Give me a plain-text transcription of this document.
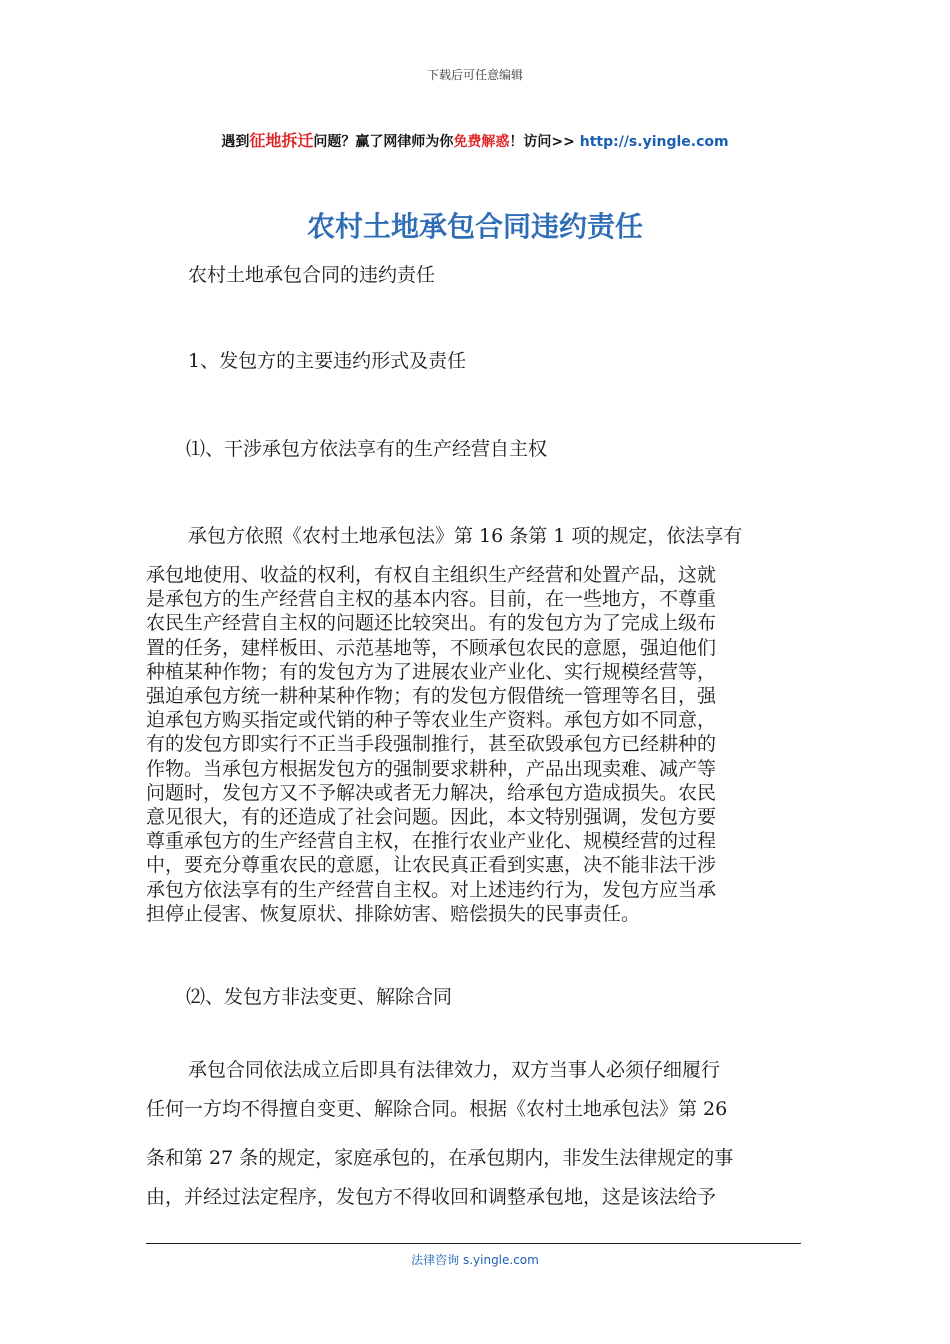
下载后可任意编辑
遇到征地拆迁问题？赢了网律师为你免费解惑！访问>> http://s.yingle.com
农村土地承包合同违约责任
农村土地承包合同的违约责任
1、发包方的主要违约形式及责任
⑴、干涉承包方依法享有的生产经营自主权
承包方依照《农村土地承包法》第 16 条第 1 项的规定，依法享有
承包地使用、收益的权利，有权自主组织生产经营和处置产品，这就
是承包方的生产经营自主权的基本内容。目前，在一些地方，不尊重
农民生产经营自主权的问题还比较突出。有的发包方为了完成上级布
置的任务，建样板田、示范基地等，不顾承包农民的意愿，强迫他们
种植某种作物；有的发包方为了进展农业产业化、实行规模经营等，
强迫承包方统一耕种某种作物；有的发包方假借统一管理等名目，强
迫承包方购买指定或代销的种子等农业生产资料。承包方如不同意，
有的发包方即实行不正当手段强制推行，甚至砍毁承包方已经耕种的
作物。当承包方根据发包方的强制要求耕种，产品出现卖难、减产等
问题时，发包方又不予解决或者无力解决，给承包方造成损失。农民
意见很大，有的还造成了社会问题。因此，本文特别强调，发包方要
尊重承包方的生产经营自主权，在推行农业产业化、规模经营的过程
中，要充分尊重农民的意愿，让农民真正看到实惠，决不能非法干涉
承包方依法享有的生产经营自主权。对上述违约行为，发包方应当承
担停止侵害、恢复原状、排除妨害、赔偿损失的民事责任。
⑵、发包方非法变更、解除合同
承包合同依法成立后即具有法律效力，双方当事人必须仔细履行
任何一方均不得擅自变更、解除合同。根据《农村土地承包法》第 26
条和第 27 条的规定，家庭承包的，在承包期内，非发生法律规定的事
由，并经过法定程序，发包方不得收回和调整承包地，这是该法给予
法律咨询 s.yingle.com
